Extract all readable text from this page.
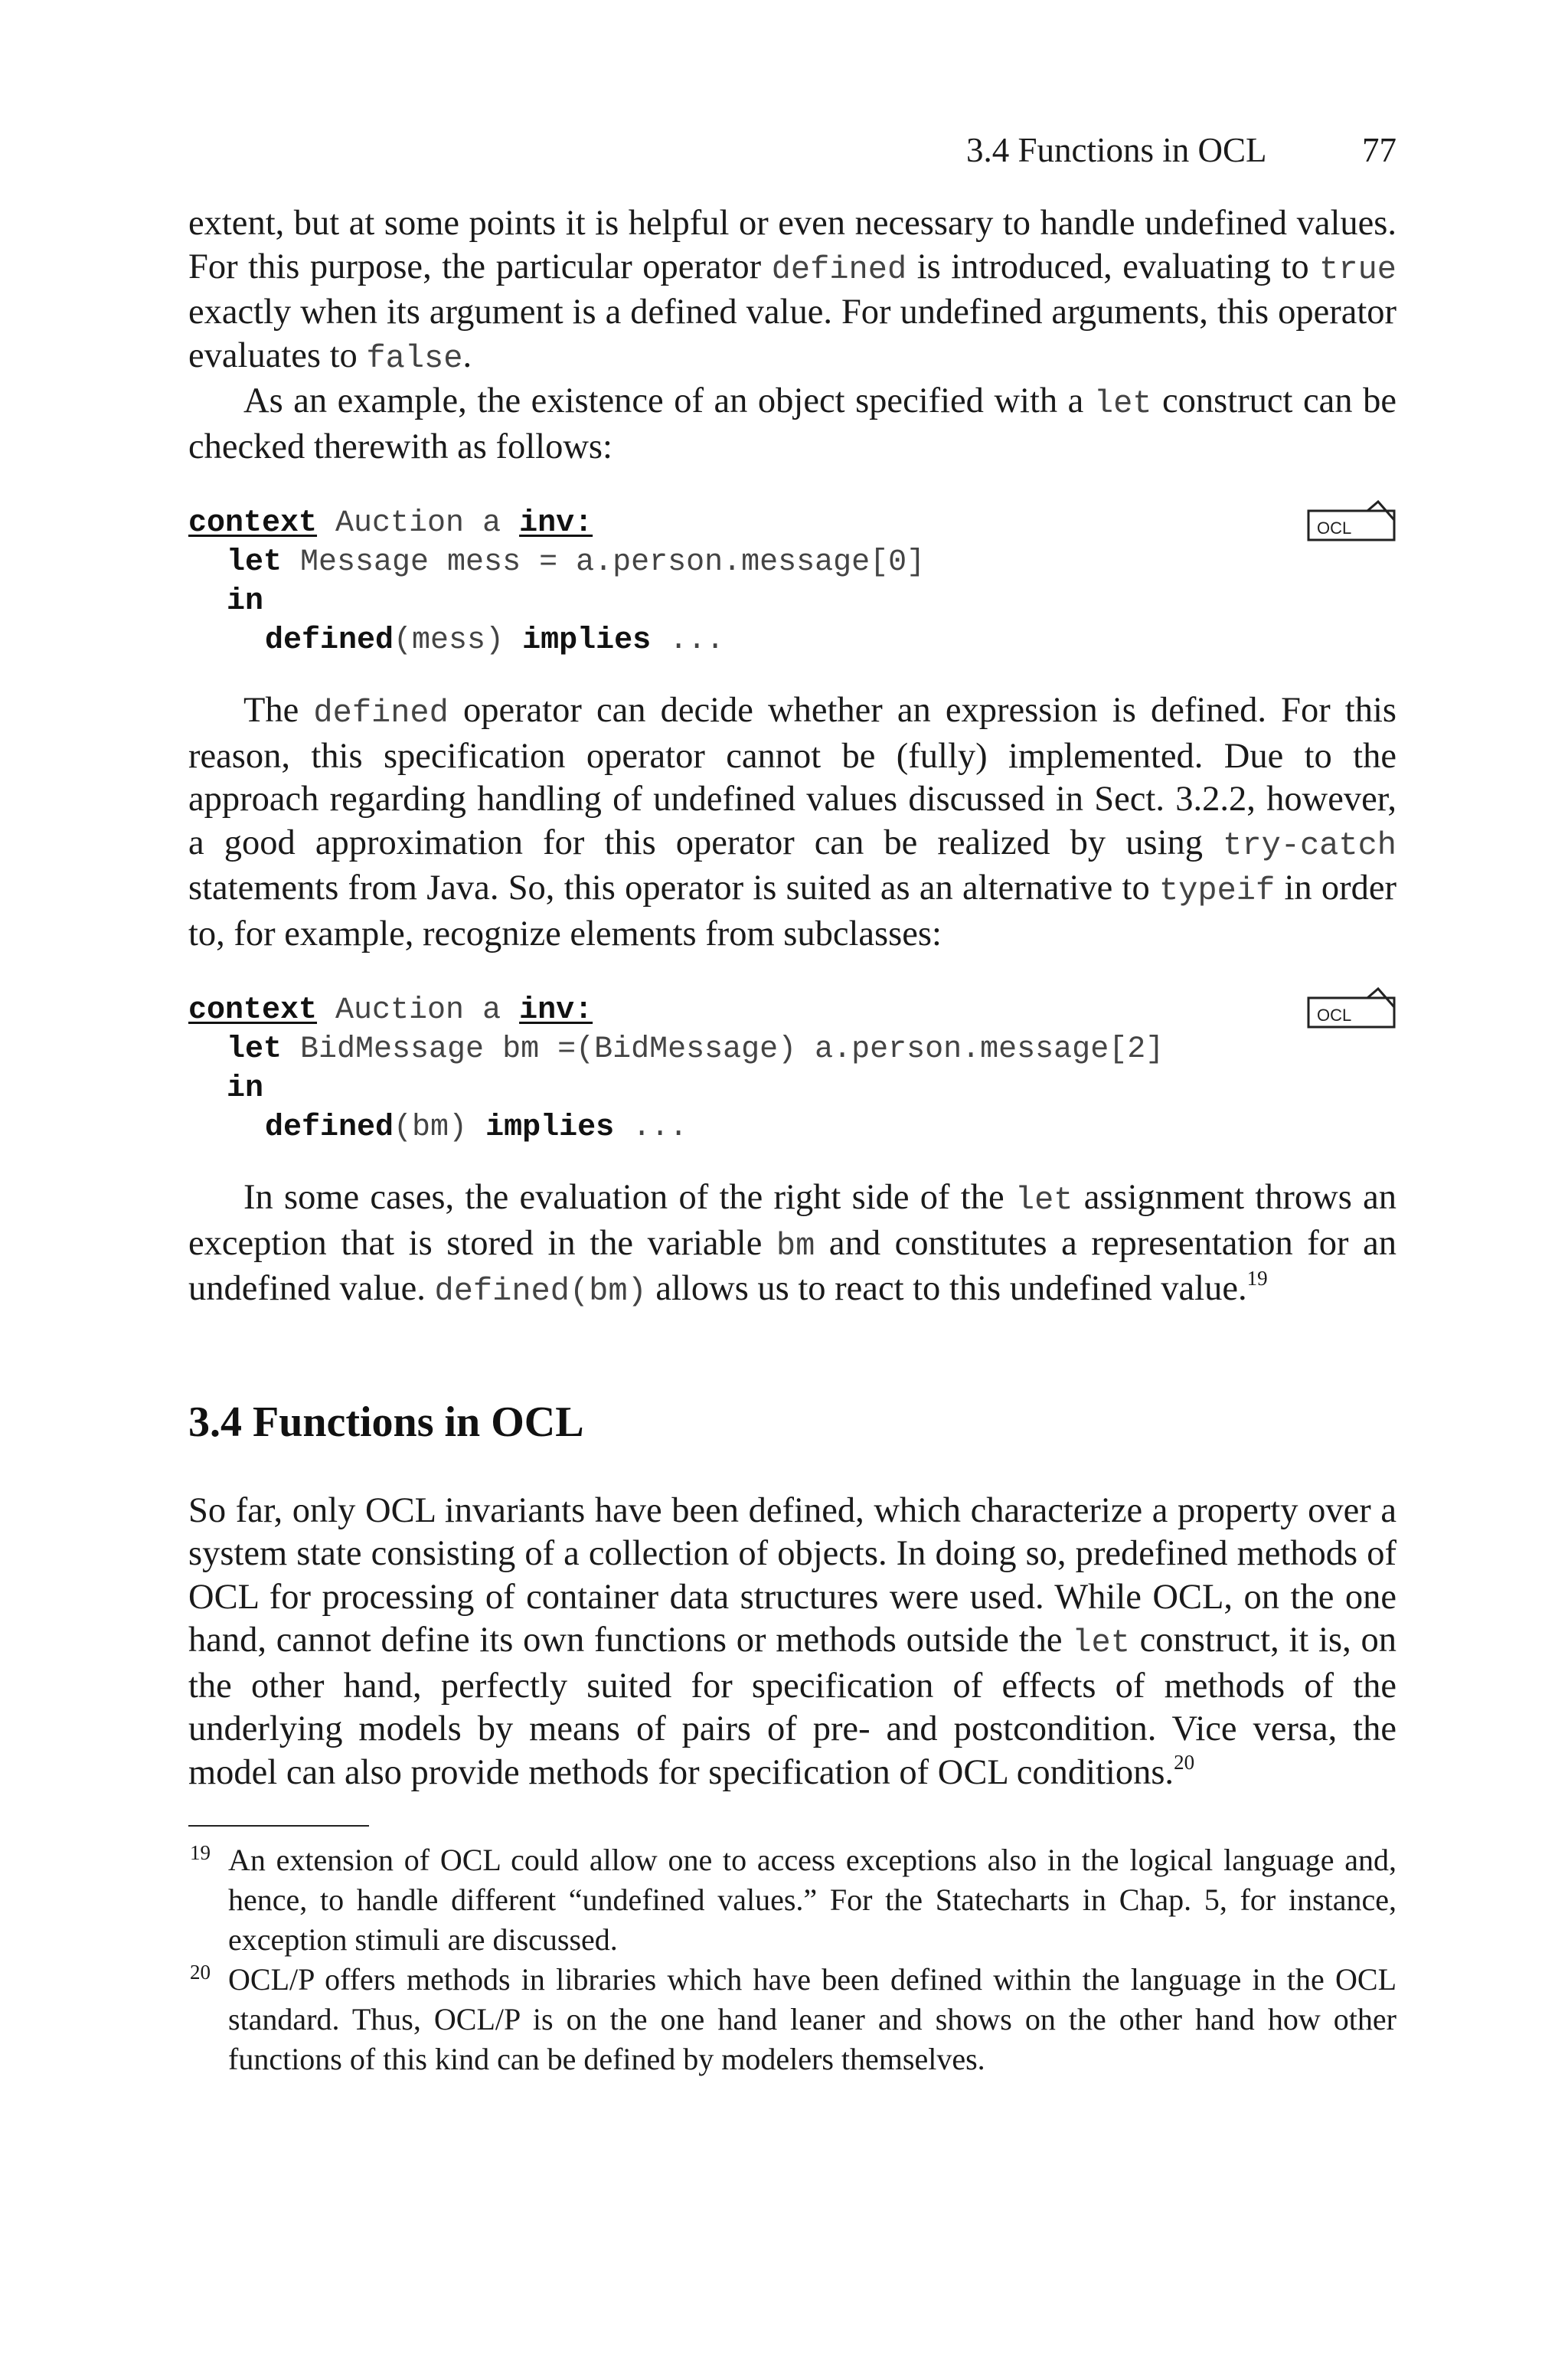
3.4 Functions in OCL	77

extent, but at some points it is helpful or even necessary to handle undefined values. For this purpose, the particular operator defined is introduced, evaluating to true exactly when its argument is a defined value. For undefined arguments, this operator evaluates to false.

As an example, the existence of an object specified with a let construct can be checked therewith as follows:

OCL
context Auction a inv:
let Message mess = a.person.message[0]
in
defined(mess) implies ...

The defined operator can decide whether an expression is defined. For this reason, this specification operator cannot be (fully) implemented. Due to the approach regarding handling of undefined values discussed in Sect. 3.2.2, however, a good approximation for this operator can be realized by using try-catch statements from Java. So, this operator is suited as an alternative to typeif in order to, for example, recognize elements from subclasses:

OCL
context Auction a inv:
let BidMessage bm =(BidMessage) a.person.message[2]
in
defined(bm) implies ...

In some cases, the evaluation of the right side of the let assignment throws an exception that is stored in the variable bm and constitutes a representation for an undefined value. defined(bm) allows us to react to this undefined value.$^{19}$

3.4 Functions in OCL

So far, only OCL invariants have been defined, which characterize a property over a system state consisting of a collection of objects. In doing so, predefined methods of OCL for processing of container data structures were used. While OCL, on the one hand, cannot define its own functions or methods outside the let construct, it is, on the other hand, perfectly suited for specification of effects of methods of the underlying models by means of pairs of pre- and postcondition. Vice versa, the model can also provide methods for specification of OCL conditions.$^{20}$

19 An extension of OCL could allow one to access exceptions also in the logical language and, hence, to handle different “undefined values.” For the Statecharts in Chap. 5, for instance, exception stimuli are discussed.
20 OCL/P offers methods in libraries which have been defined within the language in the OCL standard. Thus, OCL/P is on the one hand leaner and shows on the other hand how other functions of this kind can be defined by modelers themselves.
